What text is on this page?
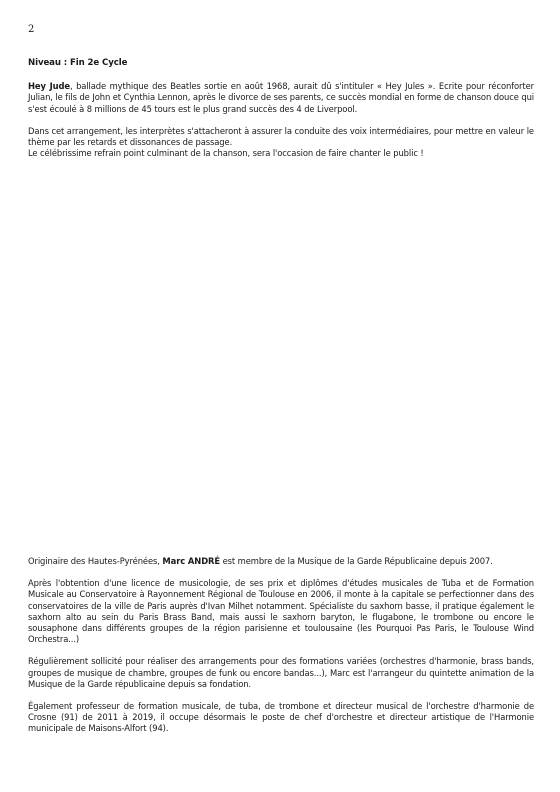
2

Niveau : Fin 2e Cycle

Hey Jude, ballade mythique des Beatles sortie en août 1968, aurait dû s'intituler « Hey Jules ». Ecrite pour réconforter Julian, le fils de John et Cynthia Lennon, après le divorce de ses parents, ce succès mondial en forme de chanson douce qui s'est écoulé à 8 millions de 45 tours est le plus grand succès des 4 de Liverpool.

Dans cet arrangement, les interprètes s'attacheront à assurer la conduite des voix intermédiaires, pour mettre en valeur le thème par les retards et dissonances de passage.
Le célébrissime refrain point culminant de la chanson, sera l'occasion de faire chanter le public !

Originaire des Hautes-Pyrénées, Marc ANDRÉ est membre de la Musique de la Garde Républicaine depuis 2007.

Après l'obtention d'une licence de musicologie, de ses prix et diplômes d'études musicales de Tuba et de Formation Musicale au Conservatoire à Rayonnement Régional de Toulouse en 2006, il monte à la capitale se perfectionner dans des conservatoires de la ville de Paris auprès d'Ivan Milhet notamment. Spécialiste du saxhorn basse, il pratique également le saxhorn alto au sein du Paris Brass Band, mais aussi le saxhorn baryton, le flugabone, le trombone ou encore le sousaphone dans différents groupes de la région parisienne et toulousaine (les Pourquoi Pas Paris, le Toulouse Wind Orchestra...)

Régulièrement sollicité pour réaliser des arrangements pour des formations variées (orchestres d'harmonie, brass bands, groupes de musique de chambre, groupes de funk ou encore bandas...), Marc est l'arrangeur du quintette animation de la Musique de la Garde républicaine depuis sa fondation.

Également professeur de formation musicale, de tuba, de trombone et directeur musical de l'orchestre d'harmonie de Crosne (91) de 2011 à 2019, il occupe désormais le poste de chef d'orchestre et directeur artistique de l'Harmonie municipale de Maisons-Alfort (94).
